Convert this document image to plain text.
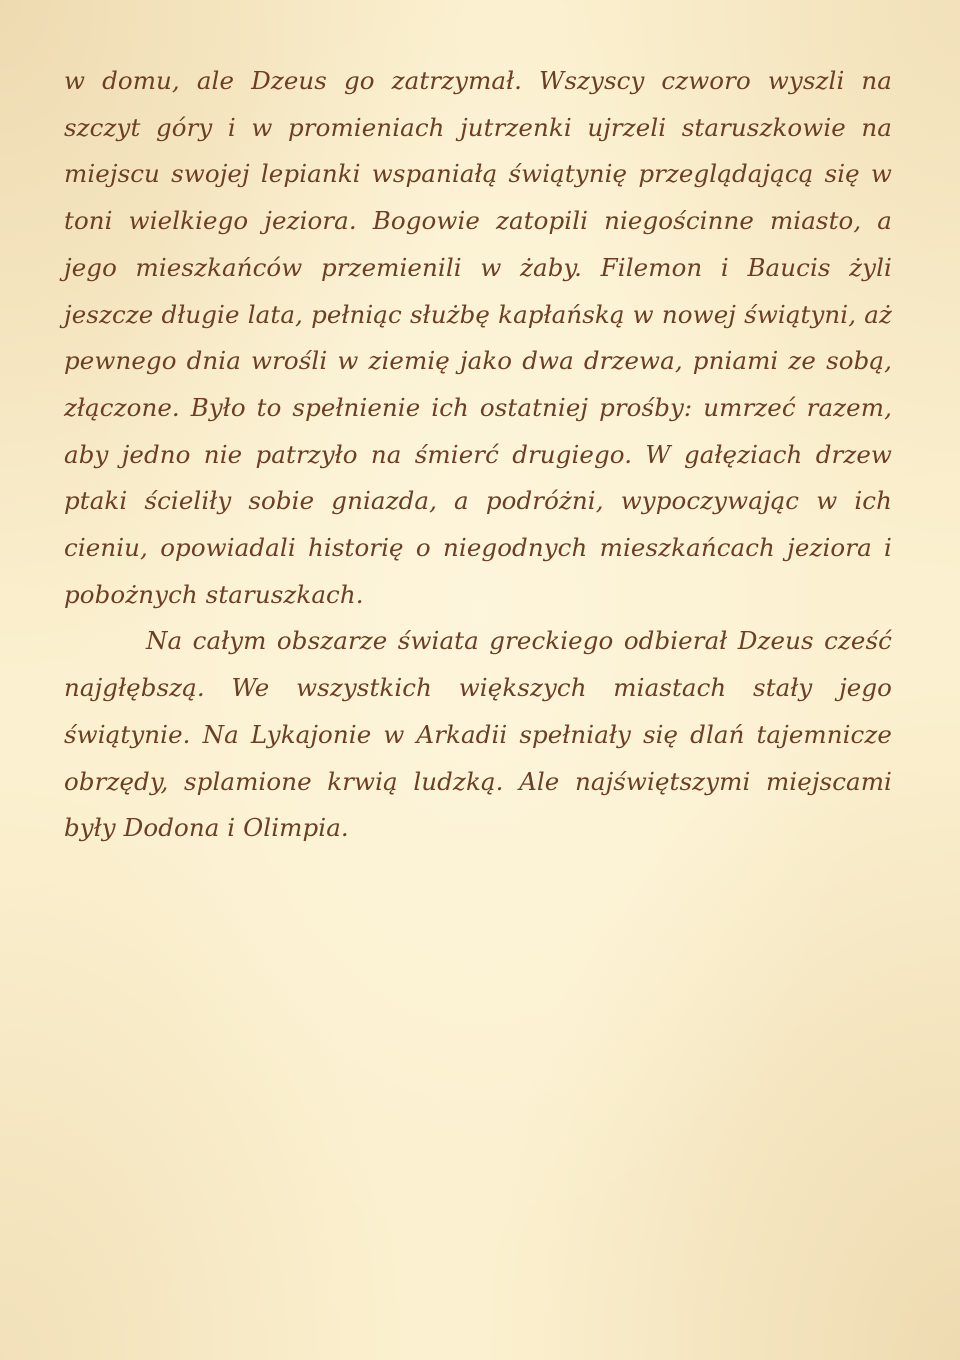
w domu, ale Dzeus go zatrzymał. Wszyscy czworo wyszli na szczyt góry i w promieniach jutrzenki ujrzeli staruszkowie na miejscu swojej lepianki wspaniałą świątynię przeglądającą się w toni wielkiego jeziora. Bogowie zatopili niegościnne miasto, a jego mieszkańców przemienili w żaby. Filemon i Baucis żyli jeszcze długie lata, pełniąc służbę kapłańską w nowej świątyni, aż pewnego dnia wrośli w ziemię jako dwa drzewa, pniami ze sobą, złączone. Było to spełnienie ich ostatniej prośby: umrzeć razem, aby jedno nie patrzyło na śmierć drugiego. W gałęziach drzew ptaki ścieliły sobie gniazda, a podróżni, wypoczywając w ich cieniu, opowiadali historię o niegodnych mieszkańcach jeziora i pobożnych staruszkach.

Na całym obszarze świata greckiego odbierał Dzeus cześć najgłębszą. We wszystkich większych miastach stały jego świątynie. Na Lykajonie w Arkadii spełniały się dlań tajemnicze obrzędy, splamione krwią ludzką. Ale najświętszymi miejscami były Dodona i Olimpia.
